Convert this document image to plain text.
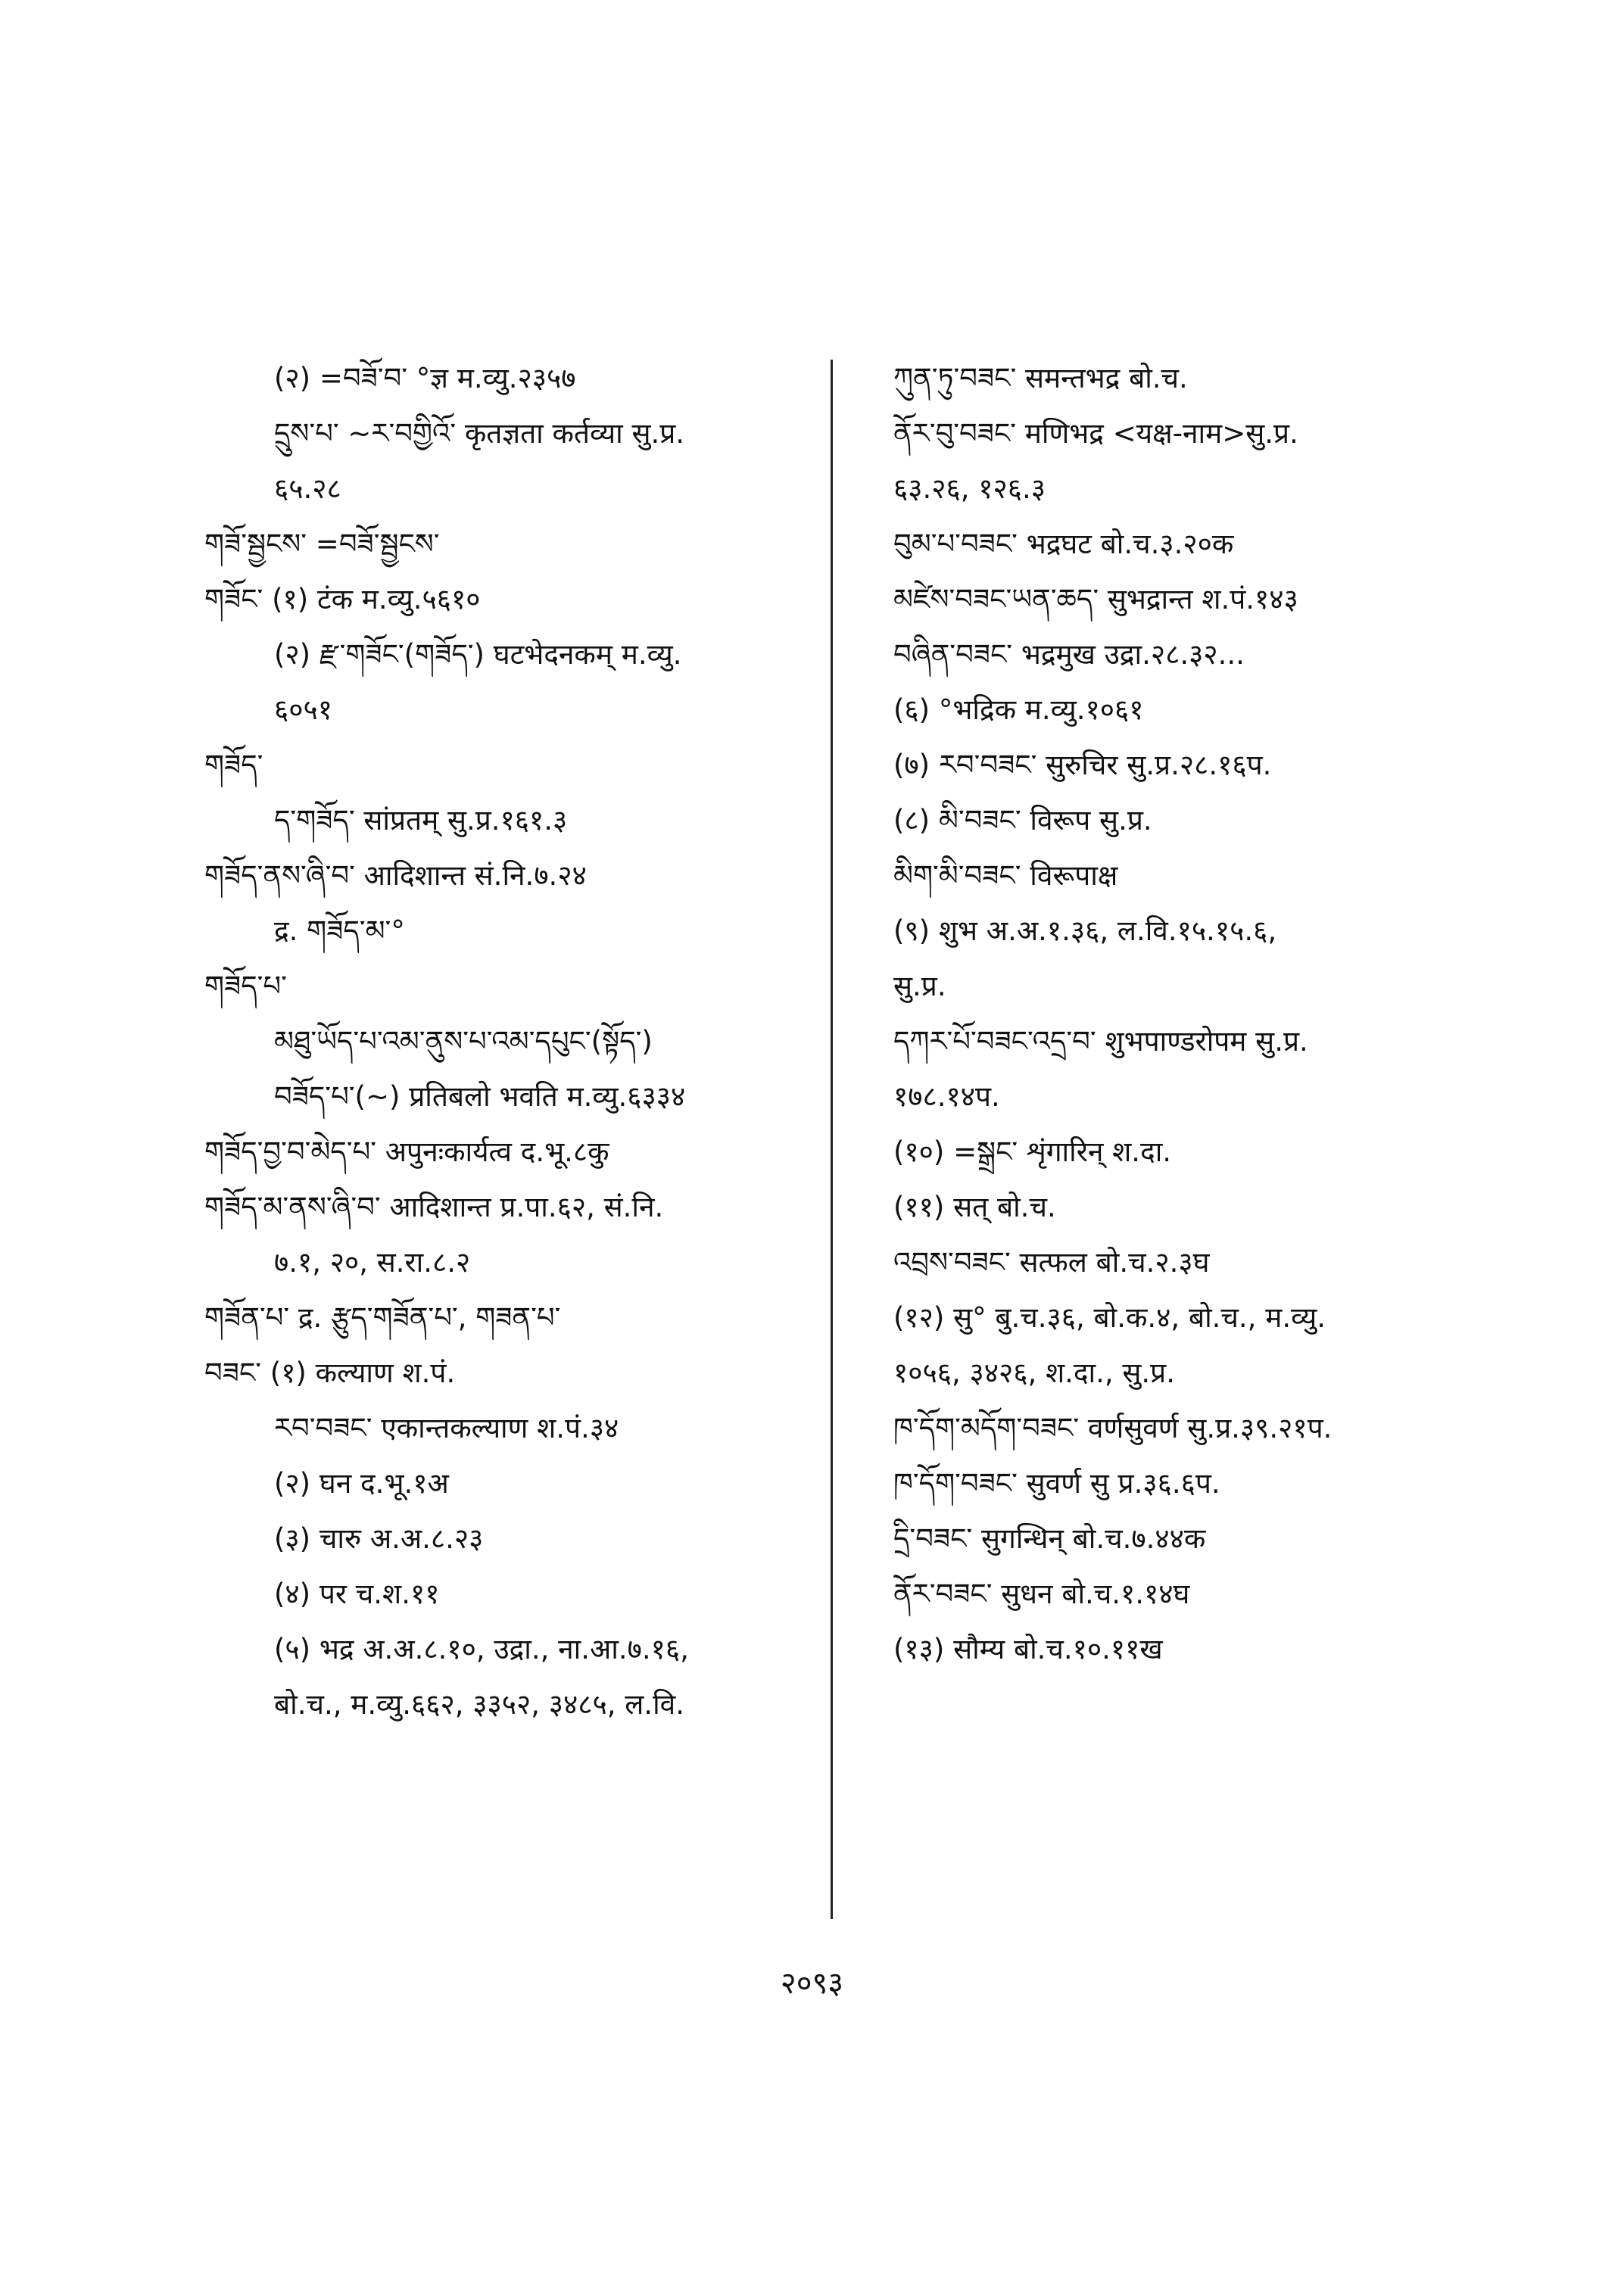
(२) =བཟོ་བ་ °ज्ञ म.व्यु.२३५७
དྲུས་པ་ ~ར་བགྱིའོ་ कृतज्ञता कर्तव्या सु.प्र.
६५.२८
གཟོ་སྦྱངས་ =བཟོ་སྦྱངས་
གཟོང་ (१) टंक म.व्यु.५६१०
(२) རྫ་གཟོང་(གཟོད་) घटभेदनकम् म.व्यु.
६०५१
གཟོད་
ད་གཟོད་ सांप्रतम् सु.प्र.१६१.३
གཟོད་ནས་ཞི་བ་ आदिशान्त सं.नि.७.२४
द्र. གཟོད་མ་°
གཟོད་པ་
མཐུ་ཡོད་པ་འམ་ནུས་པ་འམ་དཔུང་(སྟོད་)
བཟོད་པ་(~) प्रतिबलो भवति म.व्यु.६३३४
གཟོད་བྱ་བ་མེད་པ་ अपुनःकार्यत्व द.भू.८कु
གཟོད་མ་ནས་ཞི་བ་ आदिशान्त प्र.पा.६२, सं.नि.
७.१, २०, स.रा.८.२
གཟོན་པ་ द्र. རྩུད་གཟོན་པ་, གཟན་པ་
བཟང་ (१) कल्याण श.पं.
རབ་བཟང་ एकान्तकल्याण श.पं.३४
(२) घन द.भू.१अ
(३) चारु अ.अ.८.२३
(४) पर च.श.११
(५) भद्र अ.अ.८.१०, उद्रा., ना.आ.७.१६,
बो.च., म.व्यु.६६२, ३३५२, ३४८५, ल.वि.
ཀུན་ཏུ་བཟང་ समन्तभद्र बो.च.
ནོར་བུ་བཟང་ मणिभद्र <यक्ष-नाम>सु.प्र.
६३.२६, १२६.३
བུམ་པ་བཟང་ भद्रघट बो.च.३.२०क
མཛེས་བཟང་ཡན་ཆད་ सुभद्रान्त श.पं.१४३
བཞིན་བཟང་ भद्रमुख उद्रा.२८.३२...
(६) °भद्रिक म.व्यु.१०६१
(७) རབ་བཟང་ सुरुचिर सु.प्र.२८.१६प.
(८) མི་བཟང་ विरूप सु.प्र.
མིག་མི་བཟང་ विरूपाक्ष
(९) शुभ अ.अ.१.३६, ल.वि.१५.१५.६,
सु.प्र.
དཀར་པོ་བཟང་འདྲ་བ་ शुभपाण्डरोपम सु.प्र.
१७८.१४प.
(१०) =སྒྲང་ शृंगारिन् श.दा.
(११) सत् बो.च.
འབྲས་བཟང་ सत्फल बो.च.२.३घ
(१२) सु° बु.च.३६, बो.क.४, बो.च., म.व्यु.
१०५६, ३४२६, श.दा., सु.प्र.
ཁ་དོག་མདོག་བཟང་ वर्णसुवर्ण सु.प्र.३९.२१प.
ཁ་དོག་བཟང་ सुवर्ण सु प्र.३६.६प.
དྲི་བཟང་ सुगन्धिन् बो.च.७.४४क
ནོར་བཟང་ सुधन बो.च.१.१४घ
(१३) सौम्य बो.च.१०.११ख
२०९३
